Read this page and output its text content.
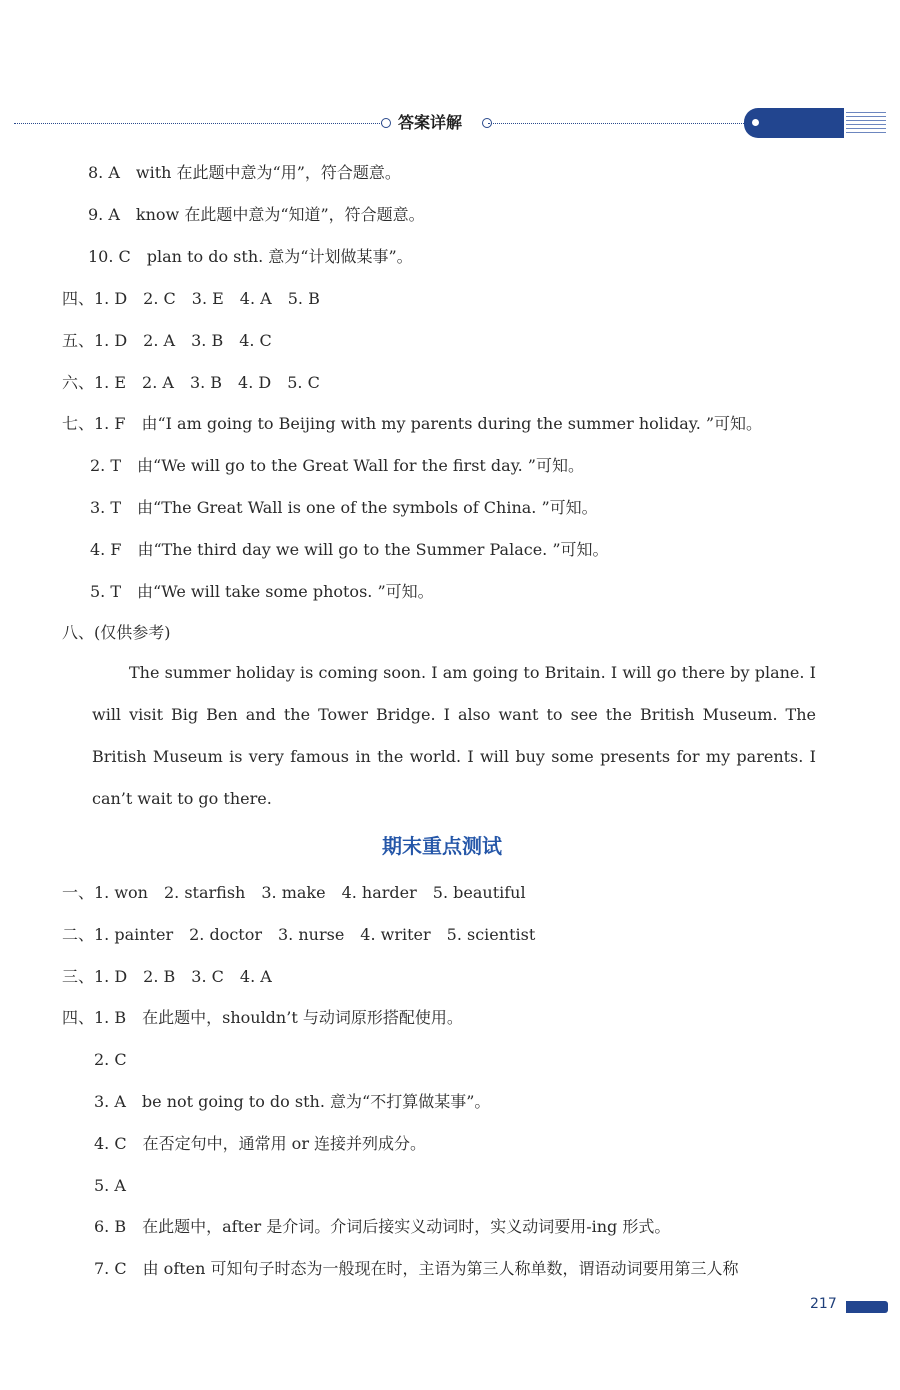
答案详解
8. A　with 在此题中意为“用”，符合题意。
9. A　know 在此题中意为“知道”，符合题意。
10. C　plan to do sth. 意为“计划做某事”。
四、1. D　2. C　3. E　4. A　5. B
五、1. D　2. A　3. B　4. C
六、1. E　2. A　3. B　4. D　5. C
七、1. F　由“I am going to Beijing with my parents during the summer holiday. ”可知。
2. T　由“We will go to the Great Wall for the first day. ”可知。
3. T　由“The Great Wall is one of the symbols of China. ”可知。
4. F　由“The third day we will go to the Summer Palace. ”可知。
5. T　由“We will take some photos. ”可知。
八、(仅供参考)
The summer holiday is coming soon. I am going to Britain. I will go there by plane. I will visit Big Ben and the Tower Bridge. I also want to see the British Museum. The British Museum is very famous in the world. I will buy some presents for my parents. I can’t wait to go there.
期末重点测试
一、1. won　2. starfish　3. make　4. harder　5. beautiful
二、1. painter　2. doctor　3. nurse　4. writer　5. scientist
三、1. D　2. B　3. C　4. A
四、1. B　在此题中，shouldn’t 与动词原形搭配使用。
2. C
3. A　be not going to do sth. 意为“不打算做某事”。
4. C　在否定句中，通常用 or 连接并列成分。
5. A
6. B　在此题中，after 是介词。介词后接实义动词时，实义动词要用-ing 形式。
7. C　由 often 可知句子时态为一般现在时，主语为第三人称单数，谓语动词要用第三人称
217
